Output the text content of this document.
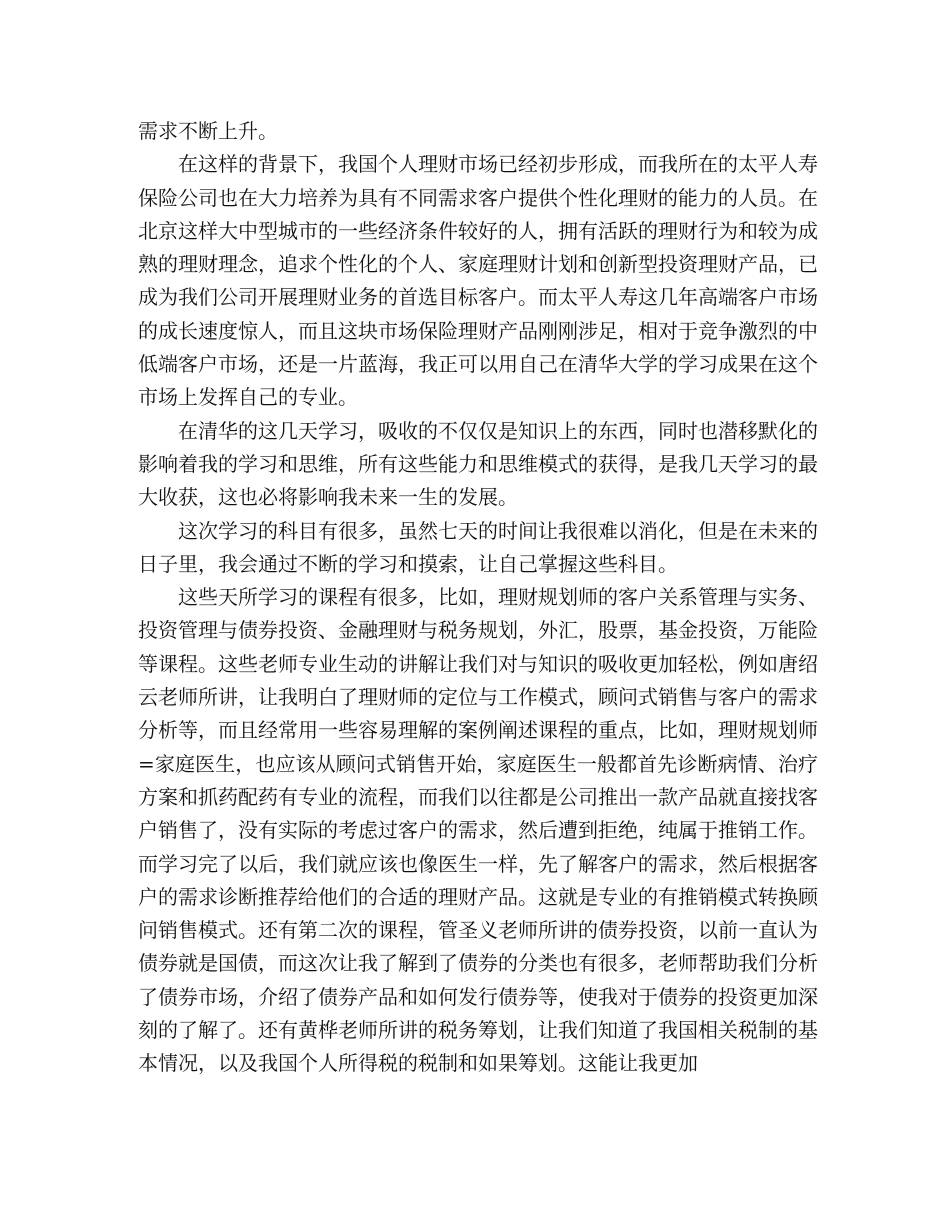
需求不断上升。

在这样的背景下，我国个人理财市场已经初步形成，而我所在的太平人寿保险公司也在大力培养为具有不同需求客户提供个性化理财的能力的人员。在北京这样大中型城市的一些经济条件较好的人，拥有活跃的理财行为和较为成熟的理财理念，追求个性化的个人、家庭理财计划和创新型投资理财产品，已成为我们公司开展理财业务的首选目标客户。而太平人寿这几年高端客户市场的成长速度惊人，而且这块市场保险理财产品刚刚涉足，相对于竞争激烈的中低端客户市场，还是一片蓝海，我正可以用自己在清华大学的学习成果在这个市场上发挥自己的专业。

在清华的这几天学习，吸收的不仅仅是知识上的东西，同时也潜移默化的影响着我的学习和思维，所有这些能力和思维模式的获得，是我几天学习的最大收获，这也必将影响我未来一生的发展。

这次学习的科目有很多，虽然七天的时间让我很难以消化，但是在未来的日子里，我会通过不断的学习和摸索，让自己掌握这些科目。

这些天所学习的课程有很多，比如，理财规划师的客户关系管理与实务、投资管理与债券投资、金融理财与税务规划，外汇，股票，基金投资，万能险等课程。这些老师专业生动的讲解让我们对与知识的吸收更加轻松，例如唐绍云老师所讲，让我明白了理财师的定位与工作模式，顾问式销售与客户的需求分析等，而且经常用一些容易理解的案例阐述课程的重点，比如，理财规划师=家庭医生，也应该从顾问式销售开始，家庭医生一般都首先诊断病情、治疗方案和抓药配药有专业的流程，而我们以往都是公司推出一款产品就直接找客户销售了，没有实际的考虑过客户的需求，然后遭到拒绝，纯属于推销工作。而学习完了以后，我们就应该也像医生一样，先了解客户的需求，然后根据客户的需求诊断推荐给他们的合适的理财产品。这就是专业的有推销模式转换顾问销售模式。还有第二次的课程，管圣义老师所讲的债券投资，以前一直认为债券就是国债，而这次让我了解到了债券的分类也有很多，老师帮助我们分析了债券市场，介绍了债券产品和如何发行债券等，使我对于债券的投资更加深刻的了解了。还有黄桦老师所讲的税务筹划，让我们知道了我国相关税制的基本情况，以及我国个人所得税的税制和如果筹划。这能让我更加
